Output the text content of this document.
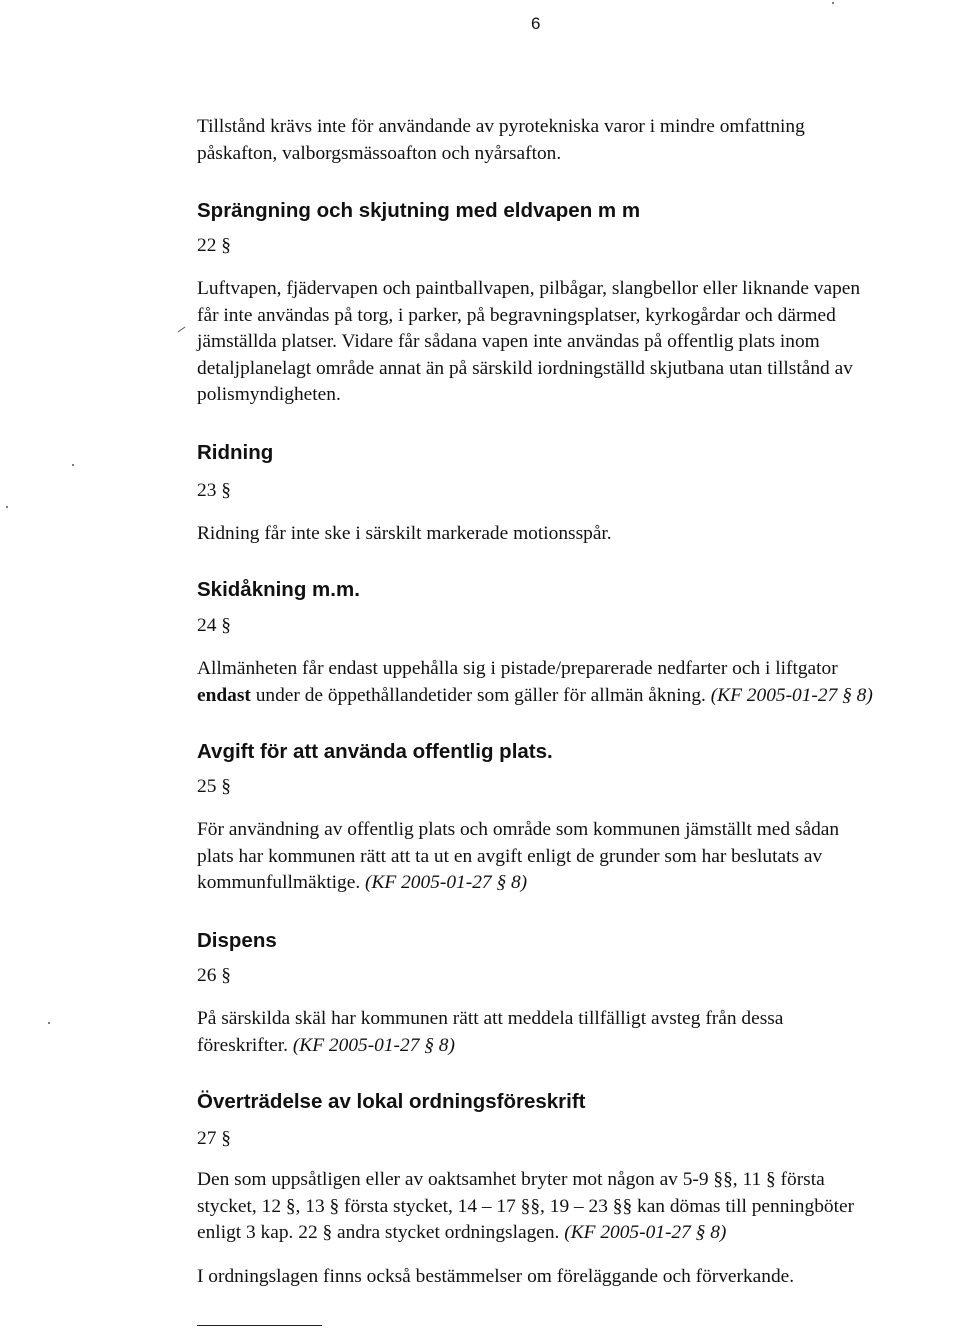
6

Tillstånd krävs inte för användande av pyrotekniska varor i mindre omfattning
påskafton, valborgsmässoafton och nyårsafton.

Sprängning och skjutning med eldvapen m m
22 §

Luftvapen, fjädervapen och paintballvapen, pilbågar, slangbellor eller liknande vapen
får inte användas på torg, i parker, på begravningsplatser, kyrkogårdar och därmed
jämställda platser. Vidare får sådana vapen inte användas på offentlig plats inom
detaljplanelagt område annat än på särskild iordningställd skjutbana utan tillstånd av
polismyndigheten.

Ridning
23 §

Ridning får inte ske i särskilt markerade motionsspår.

Skidåkning m.m.
24 §

Allmänheten får endast uppehålla sig i pistade/preparerade nedfarter och i liftgator
endast under de öppethållandetider som gäller för allmän åkning. (KF 2005-01-27 § 8)

Avgift för att använda offentlig plats.
25 §

För användning av offentlig plats och område som kommunen jämställt med sådan
plats har kommunen rätt att ta ut en avgift enligt de grunder som har beslutats av
kommunfullmäktige. (KF 2005-01-27 § 8)

Dispens
26 §

På särskilda skäl har kommunen rätt att meddela tillfälligt avsteg från dessa
föreskrifter. (KF 2005-01-27 § 8)

Överträdelse av lokal ordningsföreskrift
27 §

Den som uppsåtligen eller av oaktsamhet bryter mot någon av 5-9 §§, 11 § första
stycket, 12 §, 13 § första stycket, 14 – 17 §§, 19 – 23 §§ kan dömas till penningböter
enligt 3 kap. 22 § andra stycket ordningslagen. (KF 2005-01-27 § 8)

I ordningslagen finns också bestämmelser om föreläggande och förverkande.
